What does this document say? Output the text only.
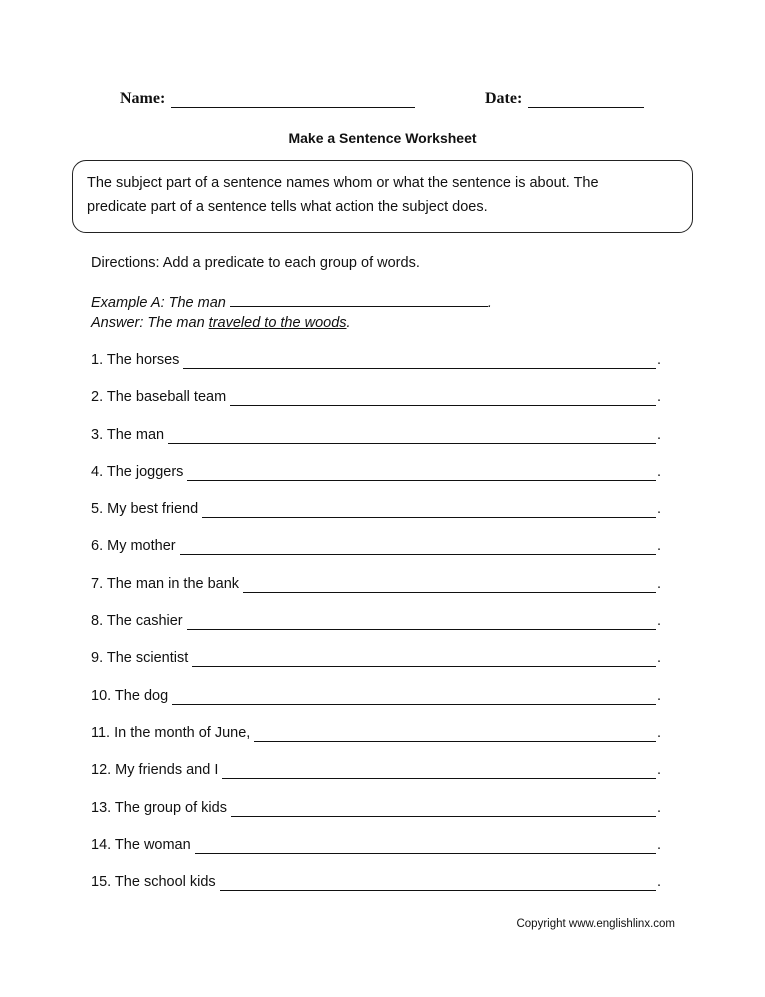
Name:	Date:
Make a Sentence Worksheet
The subject part of a sentence names whom or what the sentence is about. The
predicate part of a sentence tells what action the subject does.
Directions: Add a predicate to each group of words.
Example A: The man	.
Answer: The man traveled to the woods.
1. The horses	.
2. The baseball team	.
3. The man	.
4. The joggers	.
5. My best friend	.
6. My mother	.
7. The man in the bank	.
8. The cashier	.
9. The scientist	.
10. The dog	.
11. In the month of June,	.
12. My friends and I	.
13. The group of kids	.
14. The woman	.
15. The school kids	.
Copyright www.englishlinx.com
